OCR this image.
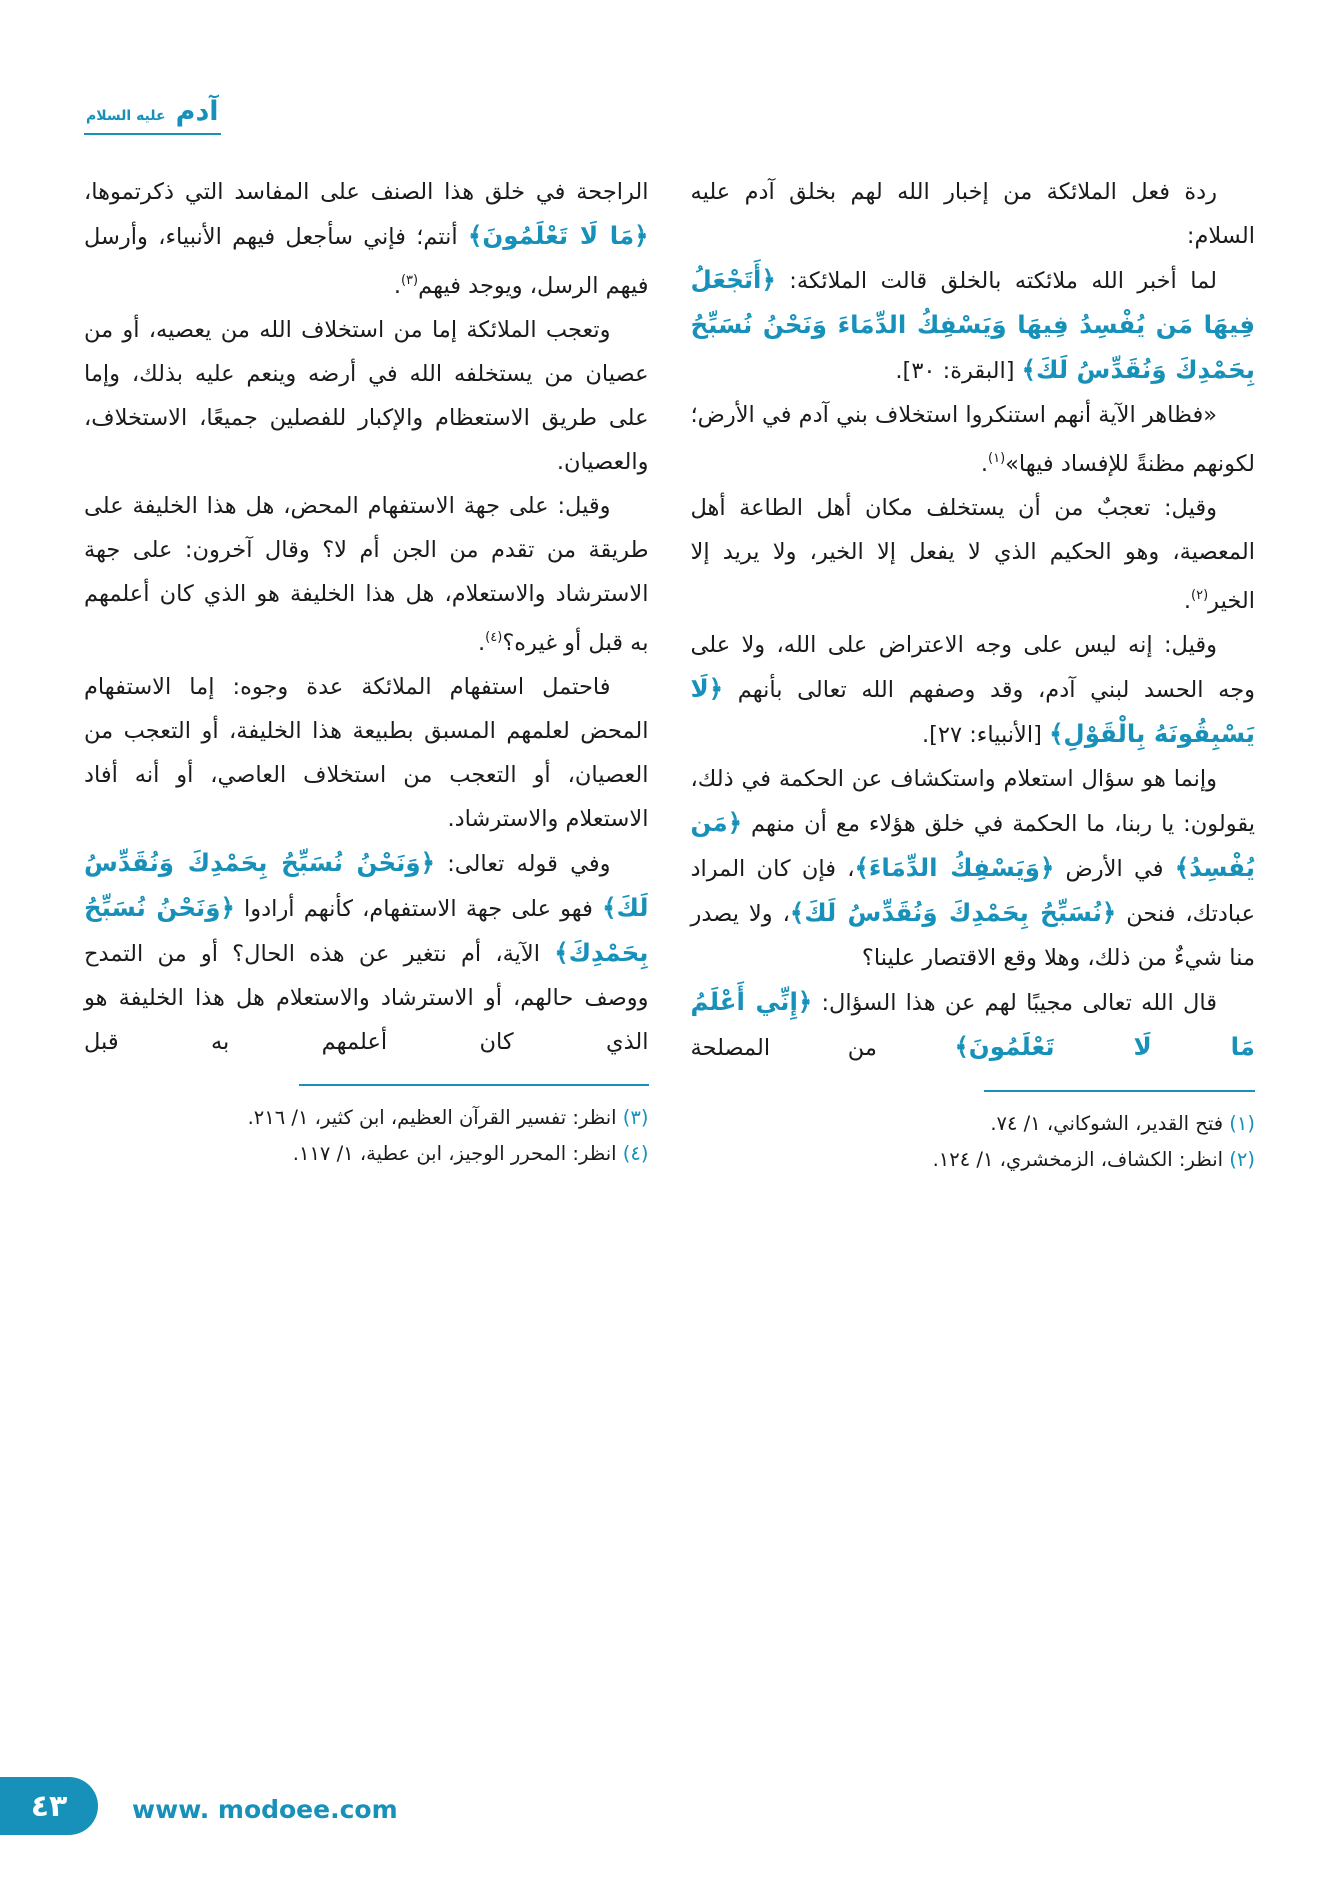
آدم عليه السلام

ردة فعل الملائكة من إخبار الله لهم بخلق آدم عليه السلام:

لما أخبر الله ملائكته بالخلق قالت الملائكة: ﴿أَتَجْعَلُ فِيهَا مَن يُفْسِدُ فِيهَا وَيَسْفِكُ الدِّمَاءَ وَنَحْنُ نُسَبِّحُ بِحَمْدِكَ وَنُقَدِّسُ لَكَ﴾ [البقرة: ٣٠].

«فظاهر الآية أنهم استنكروا استخلاف بني آدم في الأرض؛ لكونهم مظنةً للإفساد فيها»$^{(١)}$.

وقيل: تعجبٌ من أن يستخلف مكان أهل الطاعة أهل المعصية، وهو الحكيم الذي لا يفعل إلا الخير، ولا يريد إلا الخير$^{(٢)}$.

وقيل: إنه ليس على وجه الاعتراض على الله، ولا على وجه الحسد لبني آدم، وقد وصفهم الله تعالى بأنهم ﴿لَا يَسْبِقُونَهُ بِالْقَوْلِ﴾ [الأنبياء: ٢٧].

وإنما هو سؤال استعلام واستكشاف عن الحكمة في ذلك، يقولون: يا ربنا، ما الحكمة في خلق هؤلاء مع أن منهم ﴿مَن يُفْسِدُ﴾ في الأرض ﴿وَيَسْفِكُ الدِّمَاءَ﴾، فإن كان المراد عبادتك، فنحن ﴿نُسَبِّحُ بِحَمْدِكَ وَنُقَدِّسُ لَكَ﴾، ولا يصدر منا شيءٌ من ذلك، وهلا وقع الاقتصار علينا؟

قال الله تعالى مجيبًا لهم عن هذا السؤال: ﴿إِنِّي أَعْلَمُ مَا لَا تَعْلَمُونَ﴾ من المصلحة

(١) فتح القدير، الشوكاني، ١/ ٧٤.

(٢) انظر: الكشاف، الزمخشري، ١/ ١٢٤.

الراجحة في خلق هذا الصنف على المفاسد التي ذكرتموها، ﴿مَا لَا تَعْلَمُونَ﴾ أنتم؛ فإني سأجعل فيهم الأنبياء، وأرسل فيهم الرسل، ويوجد فيهم$^{(٣)}$.

وتعجب الملائكة إما من استخلاف الله من يعصيه، أو من عصيان من يستخلفه الله في أرضه وينعم عليه بذلك، وإما على طريق الاستعظام والإكبار للفصلين جميعًا، الاستخلاف، والعصيان.

وقيل: على جهة الاستفهام المحض، هل هذا الخليفة على طريقة من تقدم من الجن أم لا؟ وقال آخرون: على جهة الاسترشاد والاستعلام، هل هذا الخليفة هو الذي كان أعلمهم به قبل أو غيره؟$^{(٤)}$.

فاحتمل استفهام الملائكة عدة وجوه: إما الاستفهام المحض لعلمهم المسبق بطبيعة هذا الخليفة، أو التعجب من العصيان، أو التعجب من استخلاف العاصي، أو أنه أفاد الاستعلام والاسترشاد.

وفي قوله تعالى: ﴿وَنَحْنُ نُسَبِّحُ بِحَمْدِكَ وَنُقَدِّسُ لَكَ﴾ فهو على جهة الاستفهام، كأنهم أرادوا ﴿وَنَحْنُ نُسَبِّحُ بِحَمْدِكَ﴾ الآية، أم نتغير عن هذه الحال؟ أو من التمدح ووصف حالهم، أو الاسترشاد والاستعلام هل هذا الخليفة هو الذي كان أعلمهم به قبل

(٣) انظر: تفسير القرآن العظيم، ابن كثير، ١/ ٢١٦.

(٤) انظر: المحرر الوجيز، ابن عطية، ١/ ١١٧.

٤٣	www. modoee.com
